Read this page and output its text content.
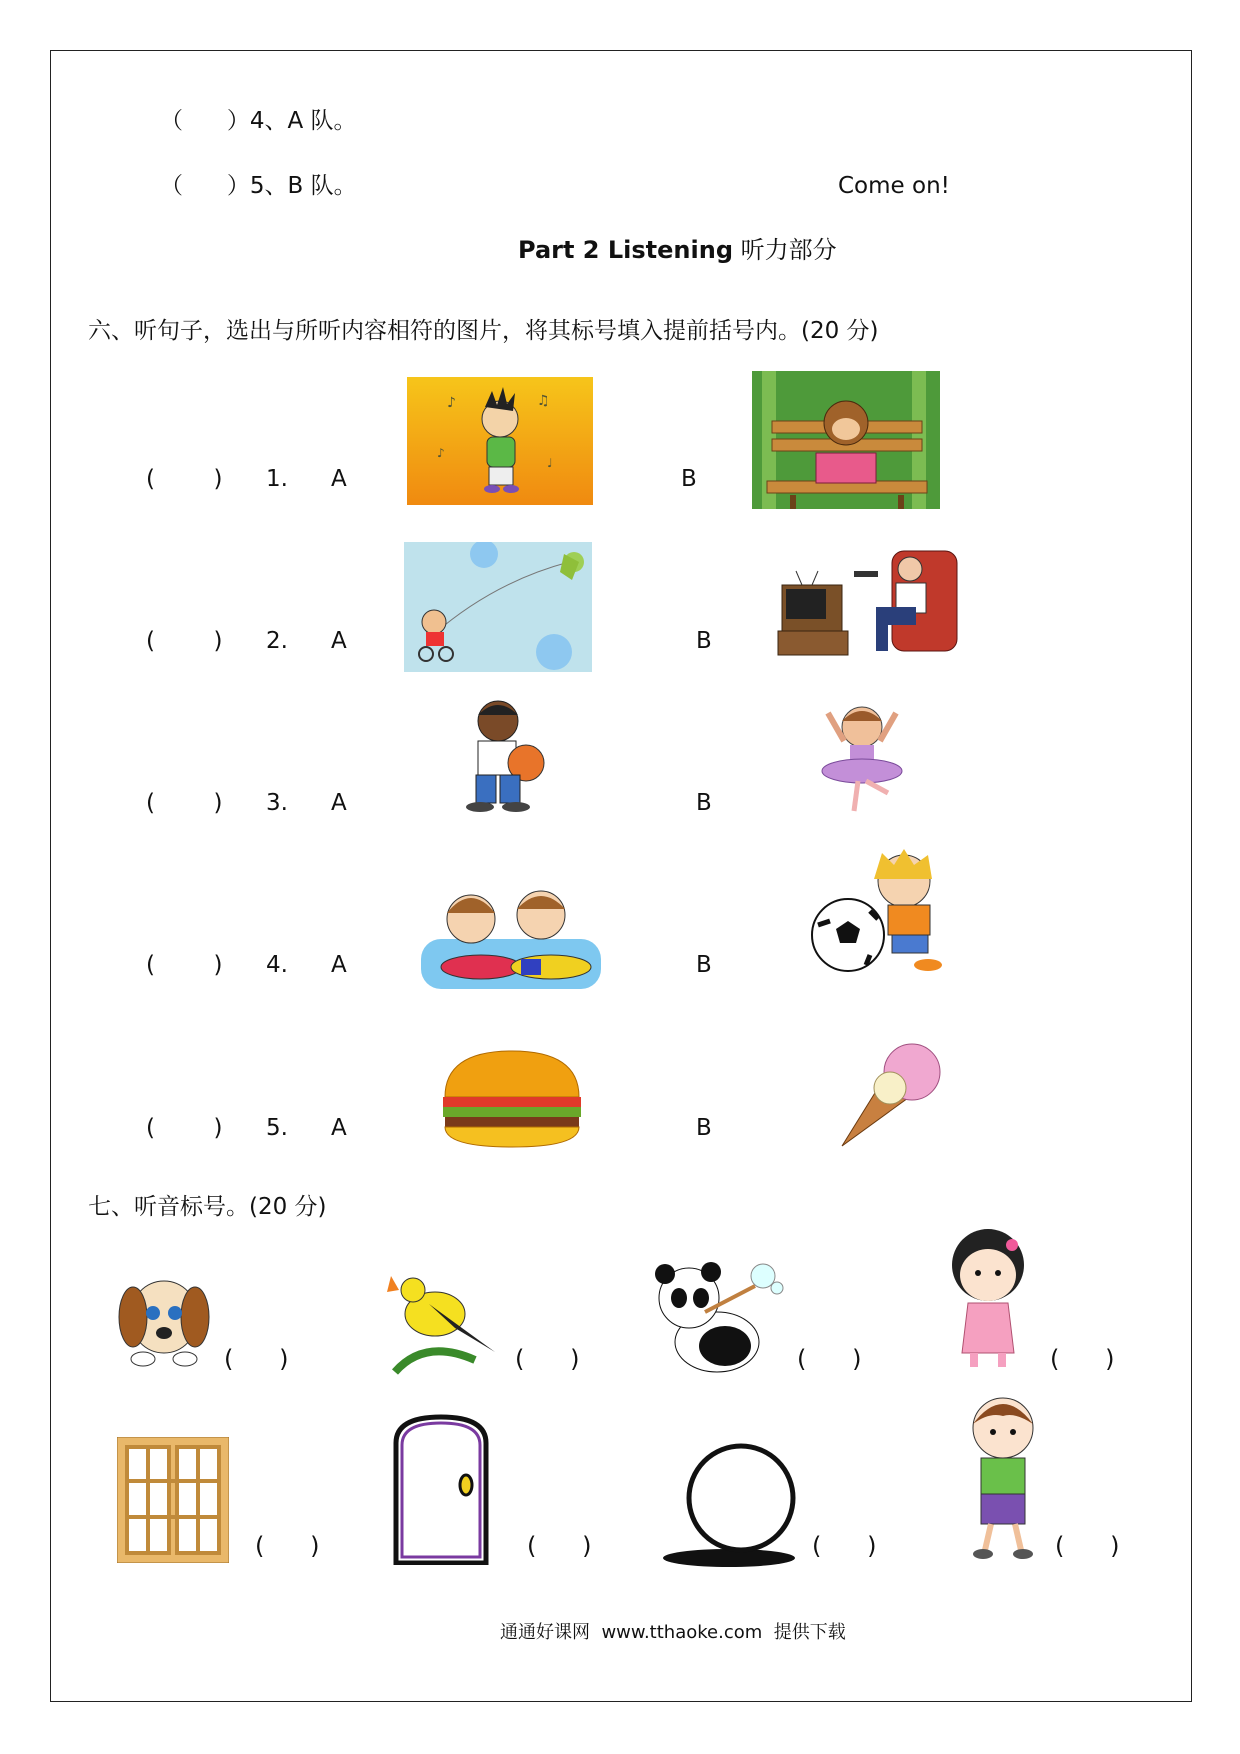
（      ）4、A 队。
（      ）5、B 队。	Come on!
Part 2 Listening 听力部分
六、听句子，选出与所听内容相符的图片，将其标号填入提前括号内。(20 分)
(        ) 1. A	B
(        ) 2. A	B
(        ) 3. A	B
(        ) 4. A	B
(        ) 5. A	B
♪	♫
♪
♩
七、听音标号。(20 分)
(      )	(      )	(      )	(      )
(      )	(      )	(      )	(      )
通通好课网  www.tthaoke.com  提供下载
